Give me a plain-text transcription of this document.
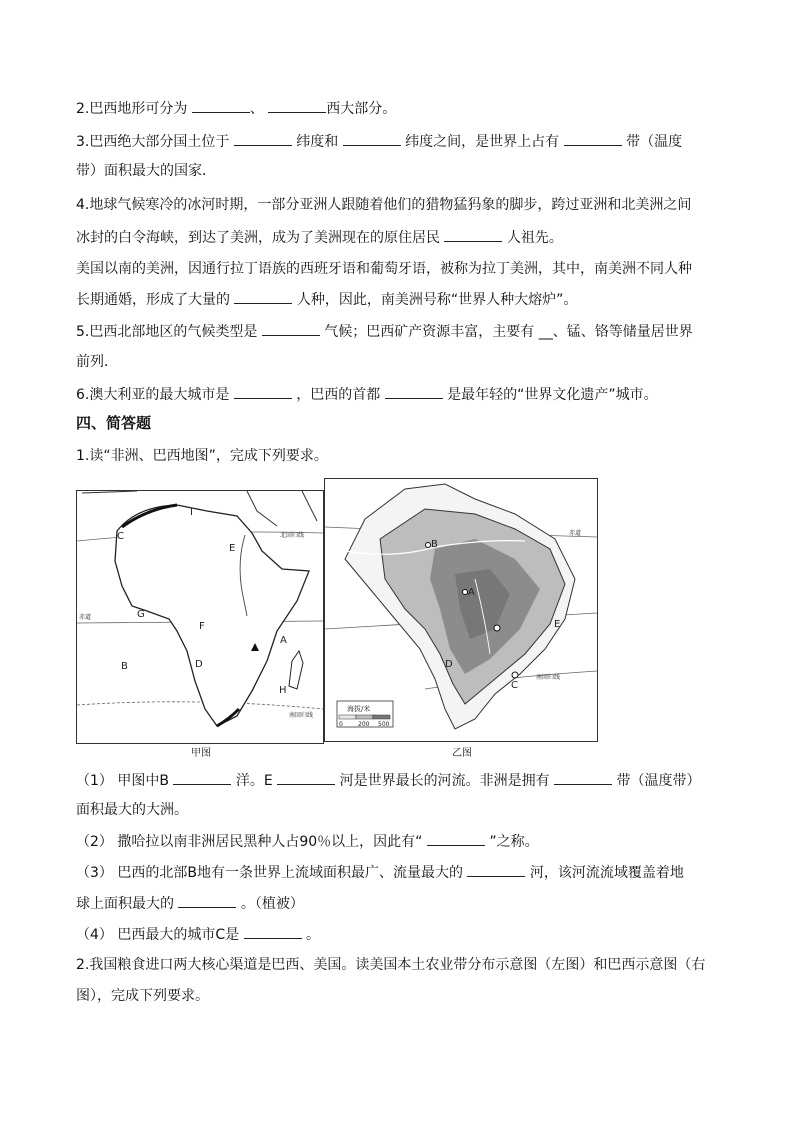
2.巴西地形可分为	、	西大部分。
3.巴西绝大部分国土位于	纬度和	纬度之间，是世界上占有	带（温度
带）面积最大的国家．
4.地球气候寒冷的冰河时期，一部分亚洲人跟随着他们的猎物猛犸象的脚步，跨过亚洲和北美洲之间
冰封的白令海峡，到达了美洲，成为了美洲现在的原住居民	人祖先。
美国以南的美洲，因通行拉丁语族的西班牙语和葡萄牙语，被称为拉丁美洲，其中，南美洲不同人种
长期通婚，形成了大量的	人种，因此，南美洲号称“世界人种大熔炉”。
5.巴西北部地区的气候类型是	气候；巴西矿产资源丰富，主要有 __、锰、铬等储量居世界
前列．
6.澳大利亚的最大城市是	，巴西的首都	是最年轻的“世界文化遗产”城市。
1.读“非洲、巴西地图”，完成下列要求。
（1） 甲图中B	洋。E	河是世界最长的河流。非洲是拥有	带（温度带）
面积最大的大洲。
（2） 撒哈拉以南非洲居民黑种人占90％以上，因此有“	”之称。
（3） 巴西的北部B地有一条世界上流域面积最广、流量最大的	河，该河流流域覆盖着地
球上面积最大的	。（植被）
（4） 巴西最大的城市C是	。
2.我国粮食进口两大核心渠道是巴西、美国。读美国本土农业带分布示意图（左图）和巴西示意图（右
图），完成下列要求。
四、简答题
C
I
E
北回归线
G
赤道
F
A
B	D
H
南回归线
甲图
赤道
B
A
E
D
C
南回归线
海拔/米
0	200 500
乙图
